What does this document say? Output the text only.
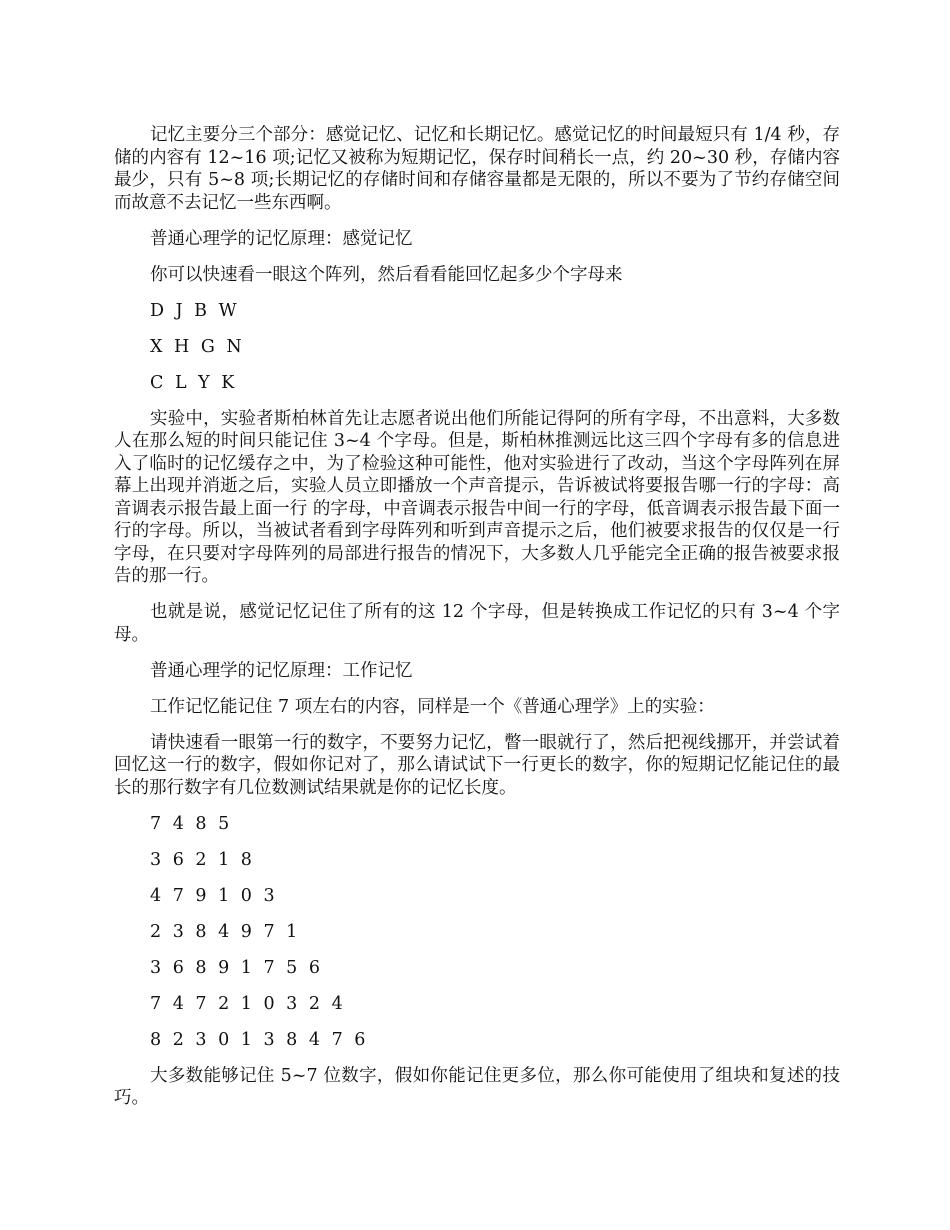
记忆主要分三个部分：感觉记忆、记忆和长期记忆。感觉记忆的时间最短只有 1/4 秒，存储的内容有 12~16 项;记忆又被称为短期记忆，保存时间稍长一点，约 20~30 秒，存储内容最少，只有 5~8 项;长期记忆的存储时间和存储容量都是无限的，所以不要为了节约存储空间而故意不去记忆一些东西啊。

普通心理学的记忆原理：感觉记忆

你可以快速看一眼这个阵列，然后看看能回忆起多少个字母来

D J B W

X H G N

C L Y K

实验中，实验者斯柏林首先让志愿者说出他们所能记得阿的所有字母，不出意料，大多数人在那么短的时间只能记住 3~4 个字母。但是，斯柏林推测远比这三四个字母有多的信息进入了临时的记忆缓存之中，为了检验这种可能性，他对实验进行了改动，当这个字母阵列在屏幕上出现并消逝之后，实验人员立即播放一个声音提示，告诉被试将要报告哪一行的字母：高音调表示报告最上面一行 的字母，中音调表示报告中间一行的字母，低音调表示报告最下面一行的字母。所以，当被试者看到字母阵列和听到声音提示之后，他们被要求报告的仅仅是一行字母，在只要对字母阵列的局部进行报告的情况下，大多数人几乎能完全正确的报告被要求报告的那一行。

也就是说，感觉记忆记住了所有的这 12 个字母，但是转换成工作记忆的只有 3~4 个字母。

普通心理学的记忆原理：工作记忆

工作记忆能记住 7 项左右的内容，同样是一个《普通心理学》上的实验：

请快速看一眼第一行的数字，不要努力记忆，瞥一眼就行了，然后把视线挪开，并尝试着回忆这一行的数字，假如你记对了，那么请试试下一行更长的数字，你的短期记忆能记住的最长的那行数字有几位数测试结果就是你的记忆长度。

7 4 8 5

3 6 2 1 8

4 7 9 1 0 3

2 3 8 4 9 7 1

3 6 8 9 1 7 5 6

7 4 7 2 1 0 3 2 4

8 2 3 0 1 3 8 4 7 6

大多数能够记住 5~7 位数字，假如你能记住更多位，那么你可能使用了组块和复述的技巧。
